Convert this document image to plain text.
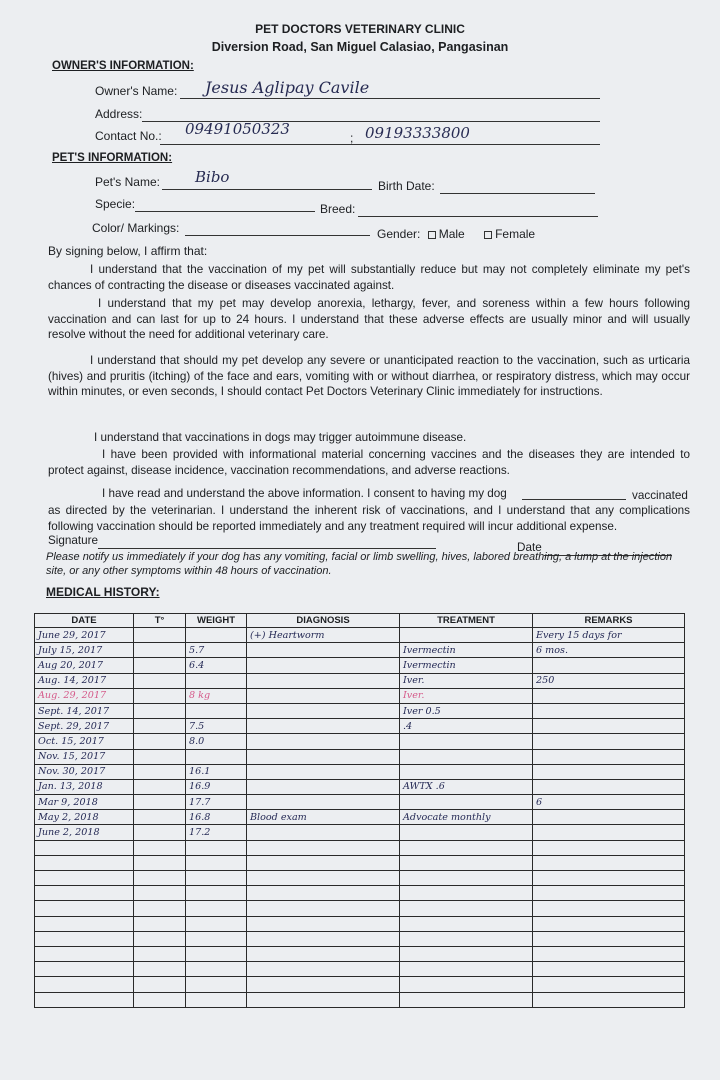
PET DOCTORS VETERINARY CLINIC
Diversion Road, San Miguel Calasiao, Pangasinan
OWNER'S INFORMATION:
Owner's Name: Jesus Aglipay Cavile
Address:
Contact No.: 09491050323	; 09193333800
PET'S INFORMATION:
Pet's Name: Bibo	Birth Date:
Specie:	Breed:
Color/ Markings:	Gender: Male	Female
By signing below, I affirm that:
I understand that the vaccination of my pet will substantially reduce but may not completely eliminate my pet's chances of contracting the disease or diseases vaccinated against.
I understand that my pet may develop anorexia, lethargy, fever, and soreness within a few hours following vaccination and can last for up to 24 hours. I understand that these adverse effects are usually minor and will usually resolve without the need for additional veterinary care.
I understand that should my pet develop any severe or unanticipated reaction to the vaccination, such as urticaria (hives) and pruritis (itching) of the face and ears, vomiting with or without diarrhea, or respiratory distress, which may occur within minutes, or even seconds, I should contact Pet Doctors Veterinary Clinic immediately for instructions.
I understand that vaccinations in dogs may trigger autoimmune disease.
I have been provided with informational material concerning vaccines and the diseases they are intended to protect against, disease incidence, vaccination recommendations, and adverse reactions.
I have read and understand the above information. I consent to having my dog	vaccinated
as directed by the veterinarian. I understand the inherent risk of vaccinations, and I understand that any complications following vaccination should be reported immediately and any treatment required will incur additional expense.
Signature
Date
Please notify us immediately if your dog has any vomiting, facial or limb swelling, hives, labored breathing, a lump at the injection site, or any other symptoms within 48 hours of vaccination.
MEDICAL HISTORY:
DATE	T°	WEIGHT	DIAGNOSIS	TREATMENT	REMARKS
June 29, 2017			(+) Heartworm		Every 15 days for
July 15, 2017		5.7		Ivermectin	6 mos.
Aug 20, 2017		6.4		Ivermectin	
Aug. 14, 2017				Iver.	250
Aug. 29, 2017		8 kg		Iver.	
Sept. 14, 2017				Iver 0.5	
Sept. 29, 2017		7.5		.4	
Oct. 15, 2017		8.0			
Nov. 15, 2017					
Nov. 30, 2017		16.1			
Jan. 13, 2018		16.9		AWTX .6	
Mar 9, 2018		17.7			6
May 2, 2018		16.8	Blood exam	Advocate monthly	
June 2, 2018		17.2			
